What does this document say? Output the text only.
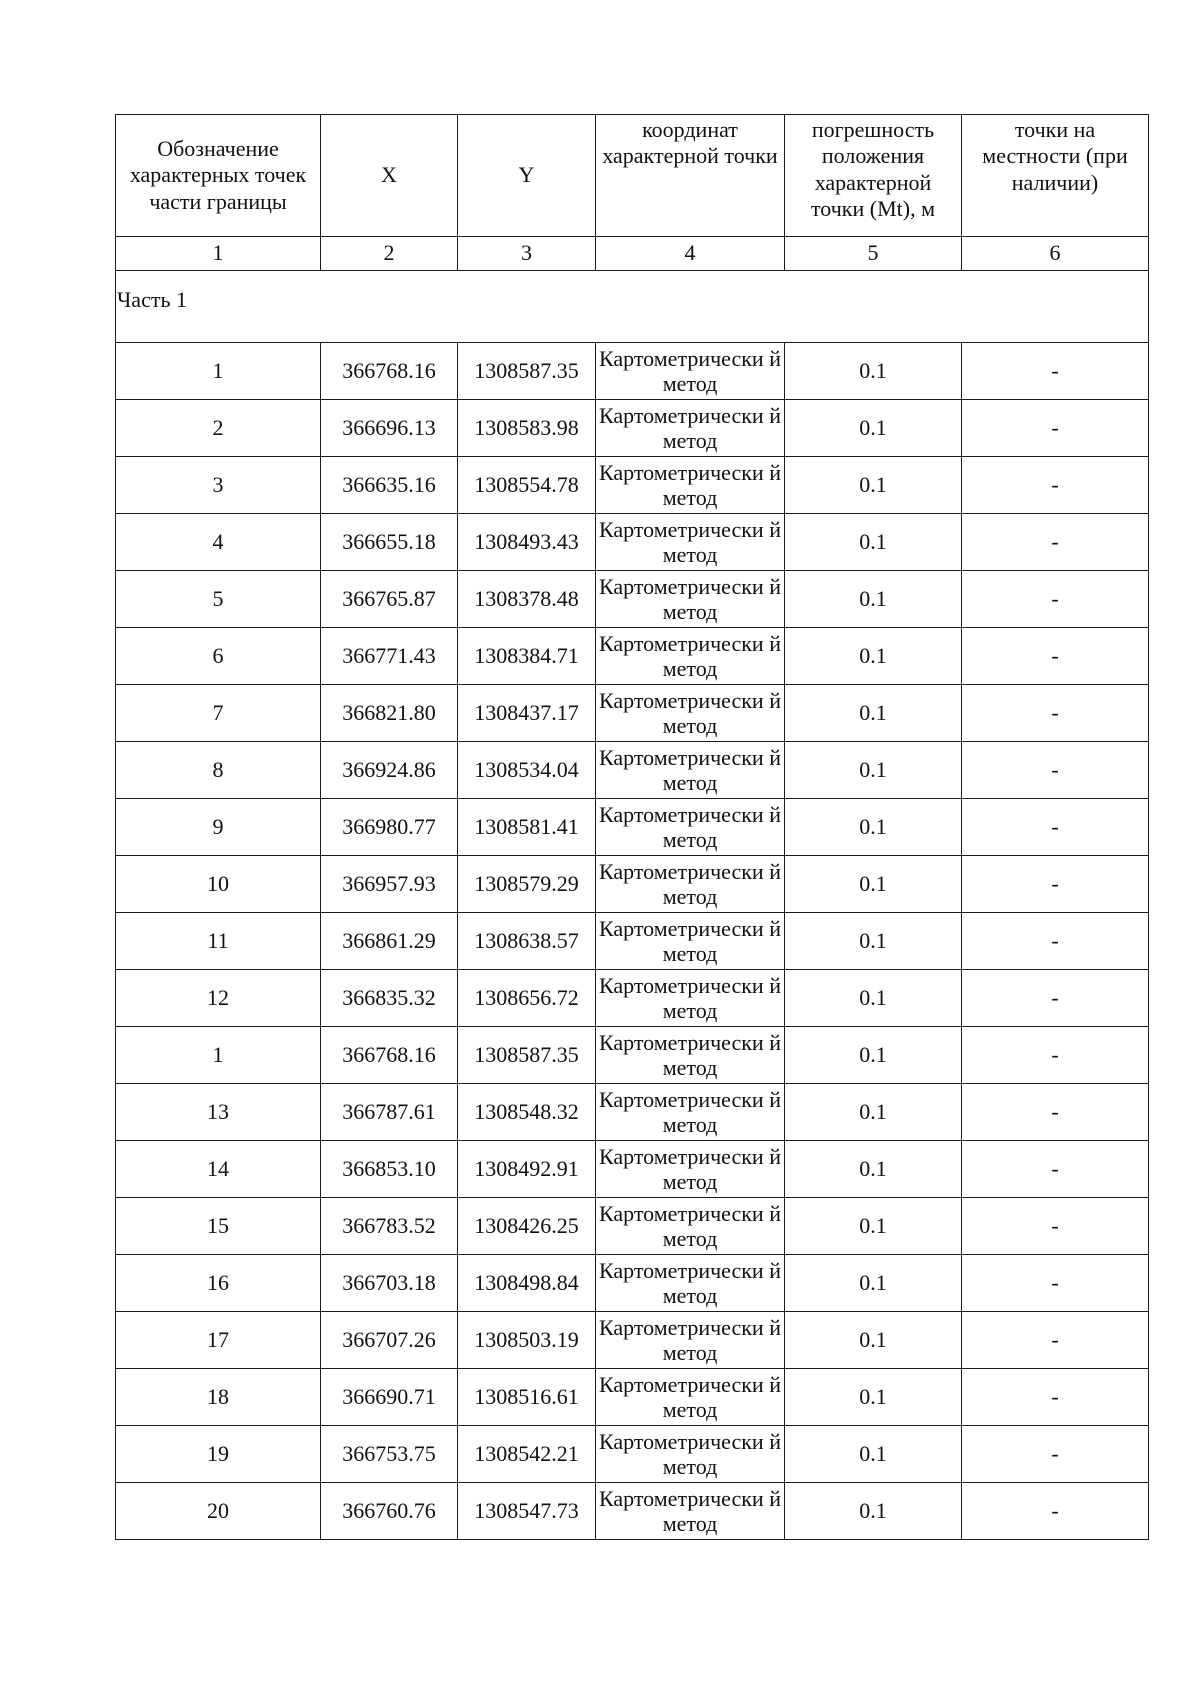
Обозначение характерных точек части границы	X	Y	координат характерной точки	погрешность положения характерной точки (Mt), м	точки на местности (при наличии)
1	2	3	4	5	6
Часть 1					
1	366768.16	1308587.35	Картометрически й метод	0.1	-
2	366696.13	1308583.98	Картометрически й метод	0.1	-
3	366635.16	1308554.78	Картометрически й метод	0.1	-
4	366655.18	1308493.43	Картометрически й метод	0.1	-
5	366765.87	1308378.48	Картометрически й метод	0.1	-
6	366771.43	1308384.71	Картометрически й метод	0.1	-
7	366821.80	1308437.17	Картометрически й метод	0.1	-
8	366924.86	1308534.04	Картометрически й метод	0.1	-
9	366980.77	1308581.41	Картометрически й метод	0.1	-
10	366957.93	1308579.29	Картометрически й метод	0.1	-
11	366861.29	1308638.57	Картометрически й метод	0.1	-
12	366835.32	1308656.72	Картометрически й метод	0.1	-
1	366768.16	1308587.35	Картометрически й метод	0.1	-
13	366787.61	1308548.32	Картометрически й метод	0.1	-
14	366853.10	1308492.91	Картометрически й метод	0.1	-
15	366783.52	1308426.25	Картометрически й метод	0.1	-
16	366703.18	1308498.84	Картометрически й метод	0.1	-
17	366707.26	1308503.19	Картометрически й метод	0.1	-
18	366690.71	1308516.61	Картометрически й метод	0.1	-
19	366753.75	1308542.21	Картометрически й метод	0.1	-
20	366760.76	1308547.73	Картометрически й метод	0.1	-
